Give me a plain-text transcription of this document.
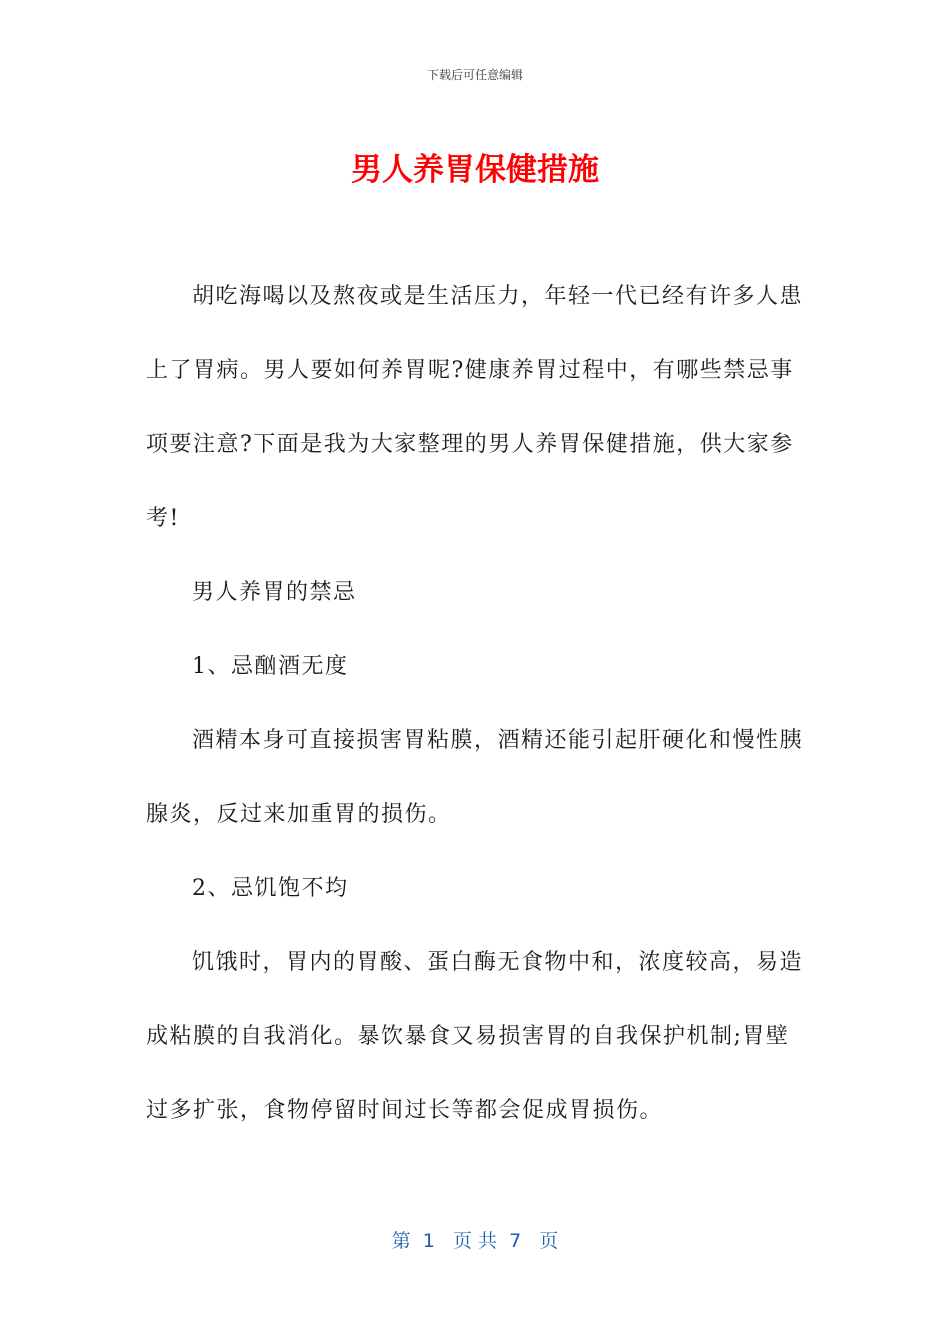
下载后可任意编辑
男人养胃保健措施

胡吃海喝以及熬夜或是生活压力，年轻一代已经有许多人患上了胃病。男人要如何养胃呢?健康养胃过程中，有哪些禁忌事项要注意?下面是我为大家整理的男人养胃保健措施，供大家参考!

男人养胃的禁忌

1、忌酗酒无度

酒精本身可直接损害胃粘膜，酒精还能引起肝硬化和慢性胰腺炎，反过来加重胃的损伤。

2、忌饥饱不均

饥饿时，胃内的胃酸、蛋白酶无食物中和，浓度较高，易造成粘膜的自我消化。暴饮暴食又易损害胃的自我保护机制;胃壁过多扩张，食物停留时间过长等都会促成胃损伤。

第  1   页 共  7   页
